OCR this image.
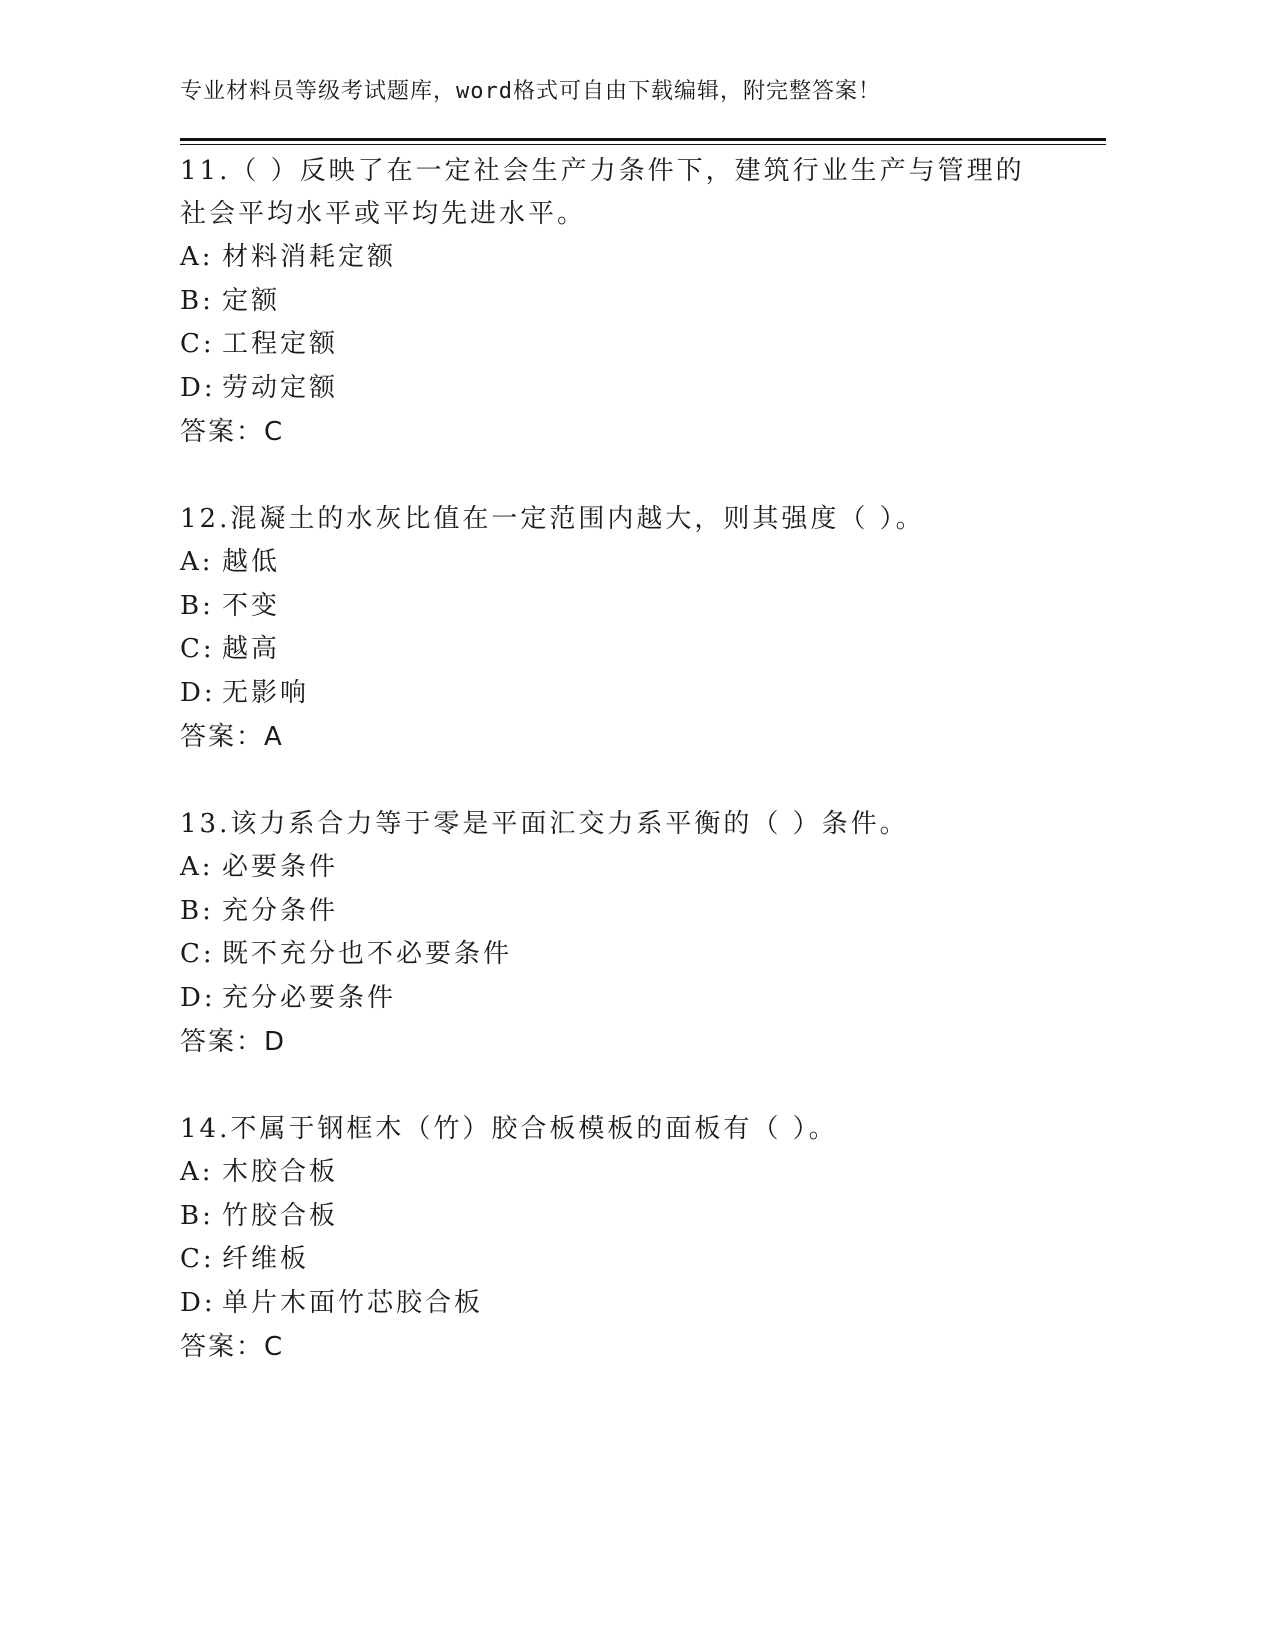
专业材料员等级考试题库，word格式可自由下载编辑，附完整答案！

11.（ ）反映了在一定社会生产力条件下，建筑行业生产与管理的社会平均水平或平均先进水平。

A: 材料消耗定额

B: 定额

C: 工程定额

D: 劳动定额

答案：C

12.混凝土的水灰比值在一定范围内越大，则其强度（ ）。

A: 越低

B: 不变

C: 越高

D: 无影响

答案：A

13.该力系合力等于零是平面汇交力系平衡的（ ）条件。

A: 必要条件

B: 充分条件

C: 既不充分也不必要条件

D: 充分必要条件

答案：D

14.不属于钢框木（竹）胶合板模板的面板有（ ）。

A: 木胶合板

B: 竹胶合板

C: 纤维板

D: 单片木面竹芯胶合板

答案：C
